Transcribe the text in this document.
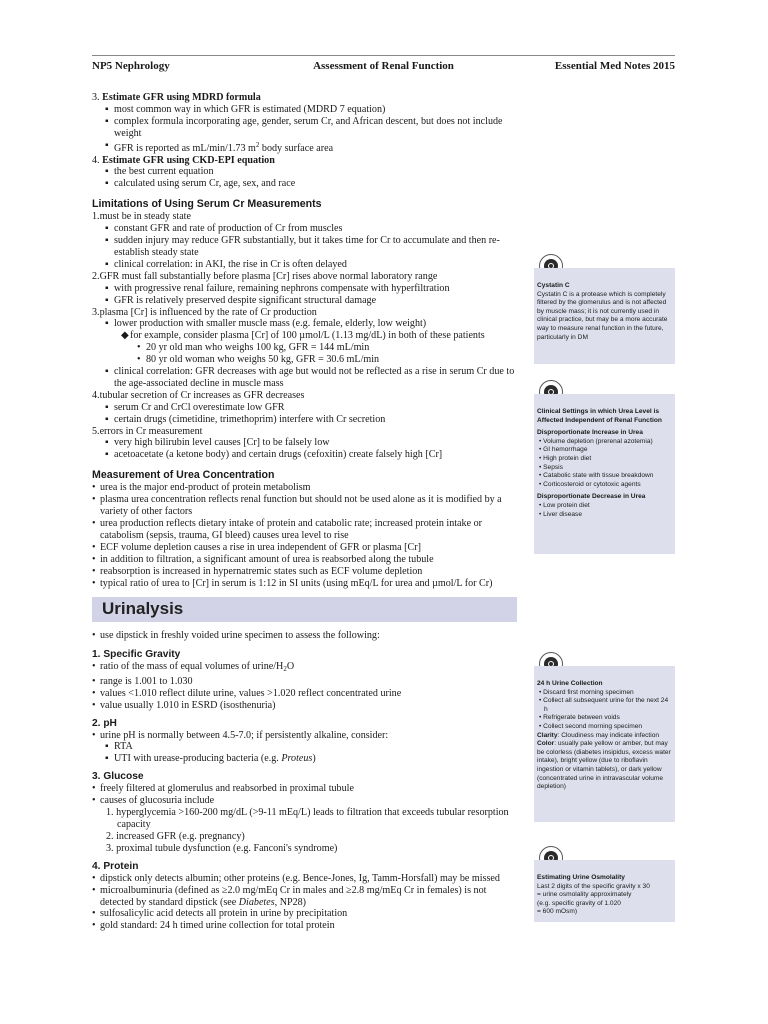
NP5 Nephrology	Assessment of Renal Function	Essential Med Notes 2015

3. Estimate GFR using MDRD formula

▪ most common way in which GFR is estimated (MDRD 7 equation)

▪ complex formula incorporating age, gender, serum Cr, and African descent, but does not include weight

▪ GFR is reported as mL/min/1.73 $m^2$ body surface area

4. Estimate GFR using CKD-EPI equation

▪ the best current equation

▪ calculated using serum Cr, age, sex, and race

Limitations of Using Serum Cr Measurements

1.must be in steady state

▪ constant GFR and rate of production of Cr from muscles

▪ sudden injury may reduce GFR substantially, but it takes time for Cr to accumulate and then re-establish steady state

▪ clinical correlation: in AKI, the rise in Cr is often delayed

2.GFR must fall substantially before plasma [Cr] rises above normal laboratory range

▪ with progressive renal failure, remaining nephrons compensate with hyperfiltration

▪ GFR is relatively preserved despite significant structural damage

3.plasma [Cr] is influenced by the rate of Cr production

▪ lower production with smaller muscle mass (e.g. female, elderly, low weight)

◆ for example, consider plasma [Cr] of 100 µmol/L (1.13 mg/dL) in both of these patients

• 20 yr old man who weighs 100 kg, GFR = 144 mL/min

• 80 yr old woman who weighs 50 kg, GFR = 30.6 mL/min

▪ clinical correlation: GFR decreases with age but would not be reflected as a rise in serum Cr due to the age-associated decline in muscle mass

4.tubular secretion of Cr increases as GFR decreases

▪ serum Cr and CrCl overestimate low GFR

▪ certain drugs (cimetidine, trimethoprim) interfere with Cr secretion

5.errors in Cr measurement

▪ very high bilirubin level causes [Cr] to be falsely low

▪ acetoacetate (a ketone body) and certain drugs (cefoxitin) create falsely high [Cr]

Measurement of Urea Concentration

• urea is the major end-product of protein metabolism

• plasma urea concentration reflects renal function but should not be used alone as it is modified by a variety of other factors

• urea production reflects dietary intake of protein and catabolic rate; increased protein intake or catabolism (sepsis, trauma, GI bleed) causes urea level to rise

• ECF volume depletion causes a rise in urea independent of GFR or plasma [Cr]

• in addition to filtration, a significant amount of urea is reabsorbed along the tubule

• reabsorption is increased in hypernatremic states such as ECF volume depletion

• typical ratio of urea to [Cr] in serum is 1:12 in SI units (using mEq/L for urea and µmol/L for Cr)

Urinalysis

• use dipstick in freshly voided urine specimen to assess the following:

1. Specific Gravity

• ratio of the mass of equal volumes of urine/$H_2O$

• range is 1.001 to 1.030

• values <1.010 reflect dilute urine, values >1.020 reflect concentrated urine

• value usually 1.010 in ESRD (isosthenuria)

2. pH

• urine pH is normally between 4.5-7.0; if persistently alkaline, consider:

▪ RTA

▪ UTI with urease-producing bacteria (e.g. Proteus)

3. Glucose

• freely filtered at glomerulus and reabsorbed in proximal tubule

• causes of glucosuria include

1. hyperglycemia >160-200 mg/dL (>9-11 mEq/L) leads to filtration that exceeds tubular resorption capacity

2. increased GFR (e.g. pregnancy)

3. proximal tubule dysfunction (e.g. Fanconi's syndrome)

4. Protein

• dipstick only detects albumin; other proteins (e.g. Bence-Jones, Ig, Tamm-Horsfall) may be missed

• microalbuminuria (defined as ≥2.0 mg/mEq Cr in males and ≥2.8 mg/mEq Cr in females) is not detected by standard dipstick (see Diabetes, NP28)

• sulfosalicylic acid detects all protein in urine by precipitation

• gold standard: 24 h timed urine collection for total protein

Cystatin C
Cystatin C is a protease which is completely filtered by the glomerulus and is not affected by muscle mass; it is not currently used in clinical practice, but may be a more accurate way to measure renal function in the future, particularly in DM
Clinical Settings in which Urea Level is Affected Independent of Renal Function
Disproportionate Increase in Urea
• Volume depletion (prerenal azotemia)
• GI hemorrhage
• High protein diet
• Sepsis
• Catabolic state with tissue breakdown
• Corticosteroid or cytotoxic agents
Disproportionate Decrease in Urea
• Low protein diet
• Liver disease
24 h Urine Collection
• Discard first morning specimen
• Collect all subsequent urine for the next 24 h
• Refrigerate between voids
• Collect second morning specimen
Clarity: Cloudiness may indicate infection
Color: usually pale yellow or amber, but may be colorless (diabetes insipidus, excess water intake), bright yellow (due to riboflavin ingestion or vitamin tablets), or dark yellow (concentrated urine in intravascular volume depletion)
Estimating Urine Osmolality
Last 2 digits of the specific gravity x 30
= urine osmolality approximately
(e.g. specific gravity of 1.020
= 600 mOsm)
